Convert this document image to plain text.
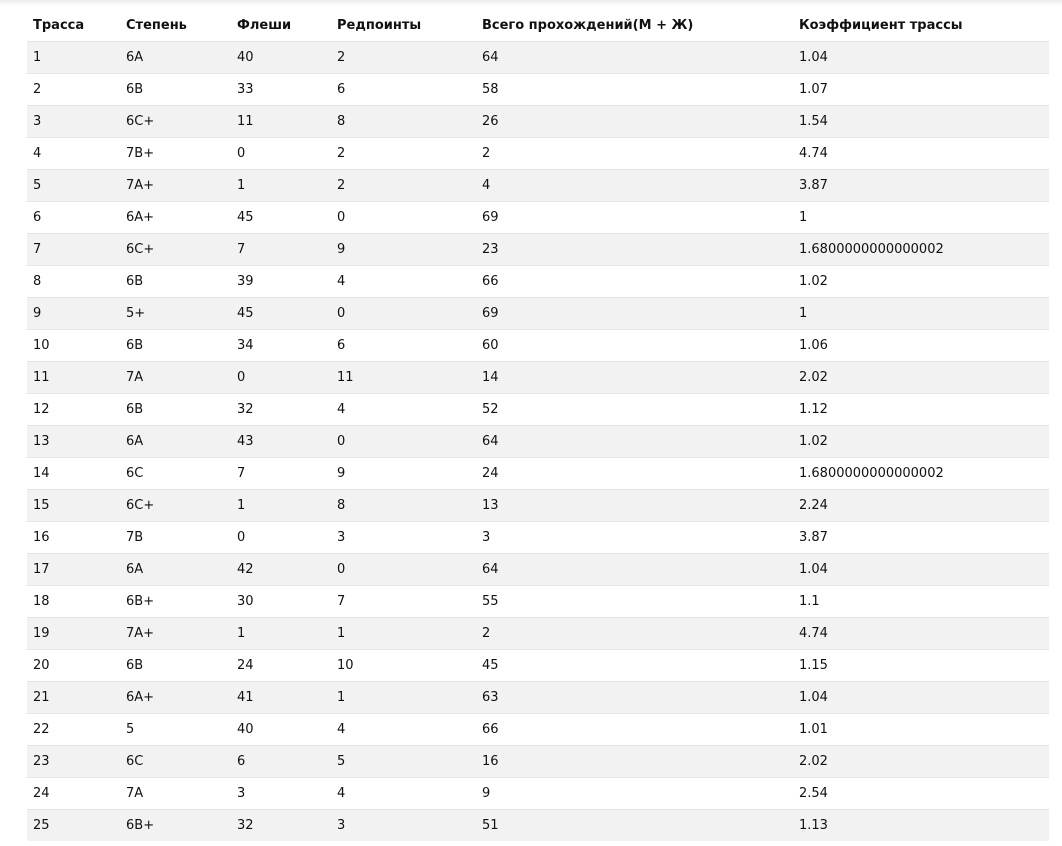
Трасса	Степень	Флеши	Редпоинты	Всего прохождений(М + Ж)	Коэффициент трассы
1	6A	40	2	64	1.04
2	6B	33	6	58	1.07
3	6C+	11	8	26	1.54
4	7B+	0	2	2	4.74
5	7A+	1	2	4	3.87
6	6A+	45	0	69	1
7	6C+	7	9	23	1.6800000000000002
8	6B	39	4	66	1.02
9	5+	45	0	69	1
10	6B	34	6	60	1.06
11	7A	0	11	14	2.02
12	6B	32	4	52	1.12
13	6A	43	0	64	1.02
14	6C	7	9	24	1.6800000000000002
15	6C+	1	8	13	2.24
16	7B	0	3	3	3.87
17	6A	42	0	64	1.04
18	6B+	30	7	55	1.1
19	7A+	1	1	2	4.74
20	6B	24	10	45	1.15
21	6A+	41	1	63	1.04
22	5	40	4	66	1.01
23	6C	6	5	16	2.02
24	7A	3	4	9	2.54
25	6B+	32	3	51	1.13
